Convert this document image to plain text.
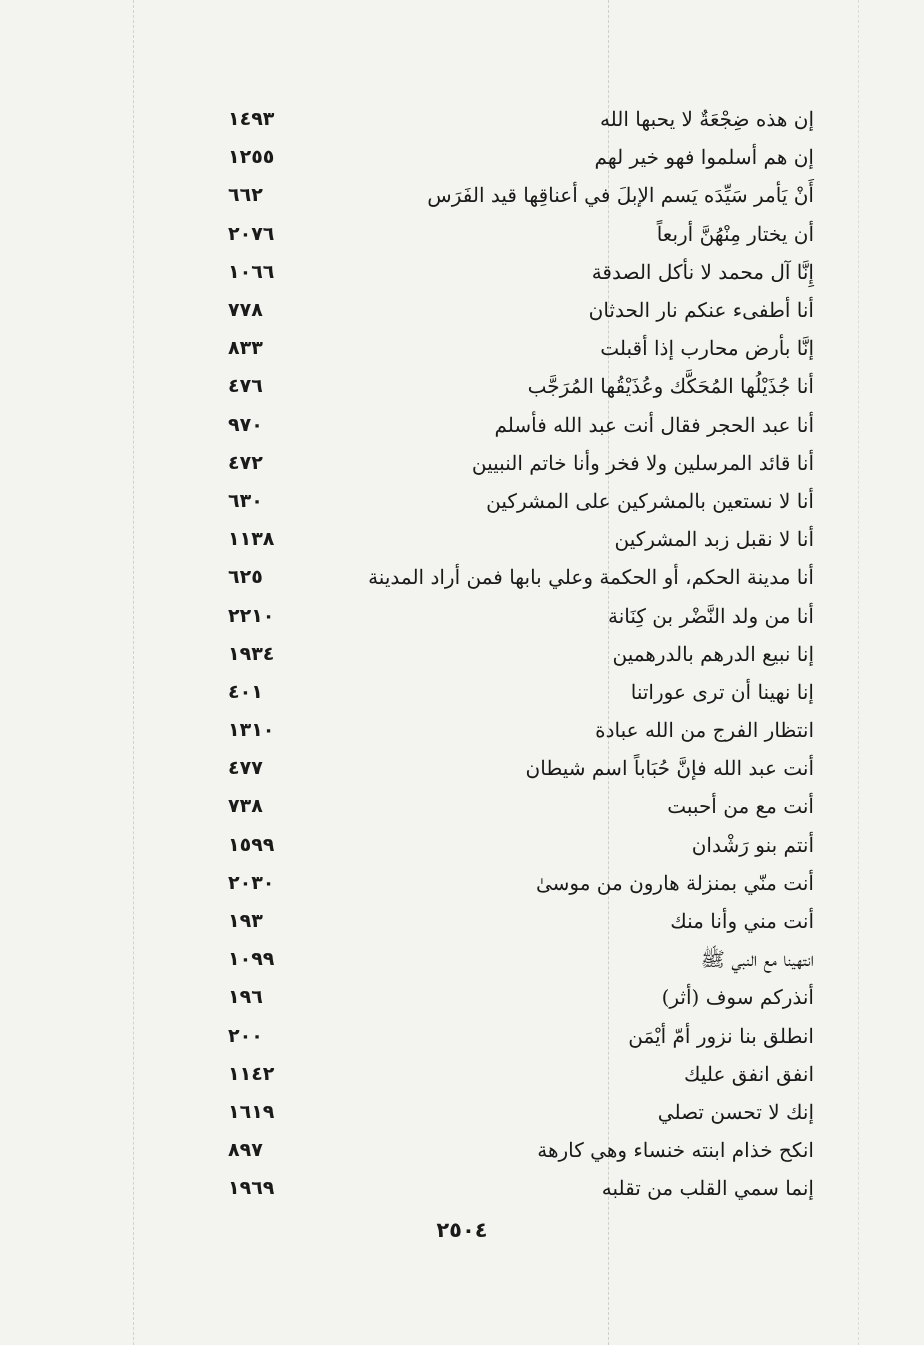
إن هذه ضِجْعَةٌ لا يحبها الله
١٤٩٣
إن هم أسلموا فهو خير لهم
١٢٥٥
أَنْ يَأمر سَيِّدَه يَسم الإبلَ في أعناقِها قيد الفَرَس
٦٦٢
أن يختار مِنْهُنَّ أربعاً
٢٠٧٦
إِنَّا آل محمد لا نأكل الصدقة
١٠٦٦
أنا أطفىء عنكم نار الحدثان
٧٧٨
إنَّا بأرض محارب إذا أقبلت
٨٣٣
أنا جُذَيْلُها المُحَكَّك وعُذَيْقُها المُرَجَّب
٤٧٦
أنا عبد الحجر فقال أنت عبد الله فأسلم
٩٧٠
أنا قائد المرسلين ولا فخر وأنا خاتم النبيين
٤٧٢
أنا لا نستعين بالمشركين على المشركين
٦٣٠
أنا لا نقبل زبد المشركين
١١٣٨
أنا مدينة الحكم، أو الحكمة وعلي بابها فمن أراد المدينة
٦٢٥
أنا من ولد النَّضْر بن كِنَانة
٢٢١٠
إنا نبيع الدرهم بالدرهمين
١٩٣٤
إنا نهينا أن ترى عوراتنا
٤٠١
انتظار الفرج من الله عبادة
١٣١٠
أنت عبد الله فإنَّ حُبَاباً اسم شيطان
٤٧٧
أنت مع من أحببت
٧٣٨
أنتم بنو رَشْدان
١٥٩٩
أنت منّي بمنزلة هارون من موسىٰ
٢٠٣٠
أنت مني وأنا منك
١٩٣
انتهينا مع النبي ﷺ
١٠٩٩
أنذركم سوف (أثر)
١٩٦
انطلق بنا نزور أمّ أيْمَن
٢٠٠
انفق انفق عليك
١١٤٢
إنك لا تحسن تصلي
١٦١٩
انكح خذام ابنته خنساء وهي كارهة
٨٩٧
إنما سمي القلب من تقلبه
١٩٦٩
٢٥٠٤
